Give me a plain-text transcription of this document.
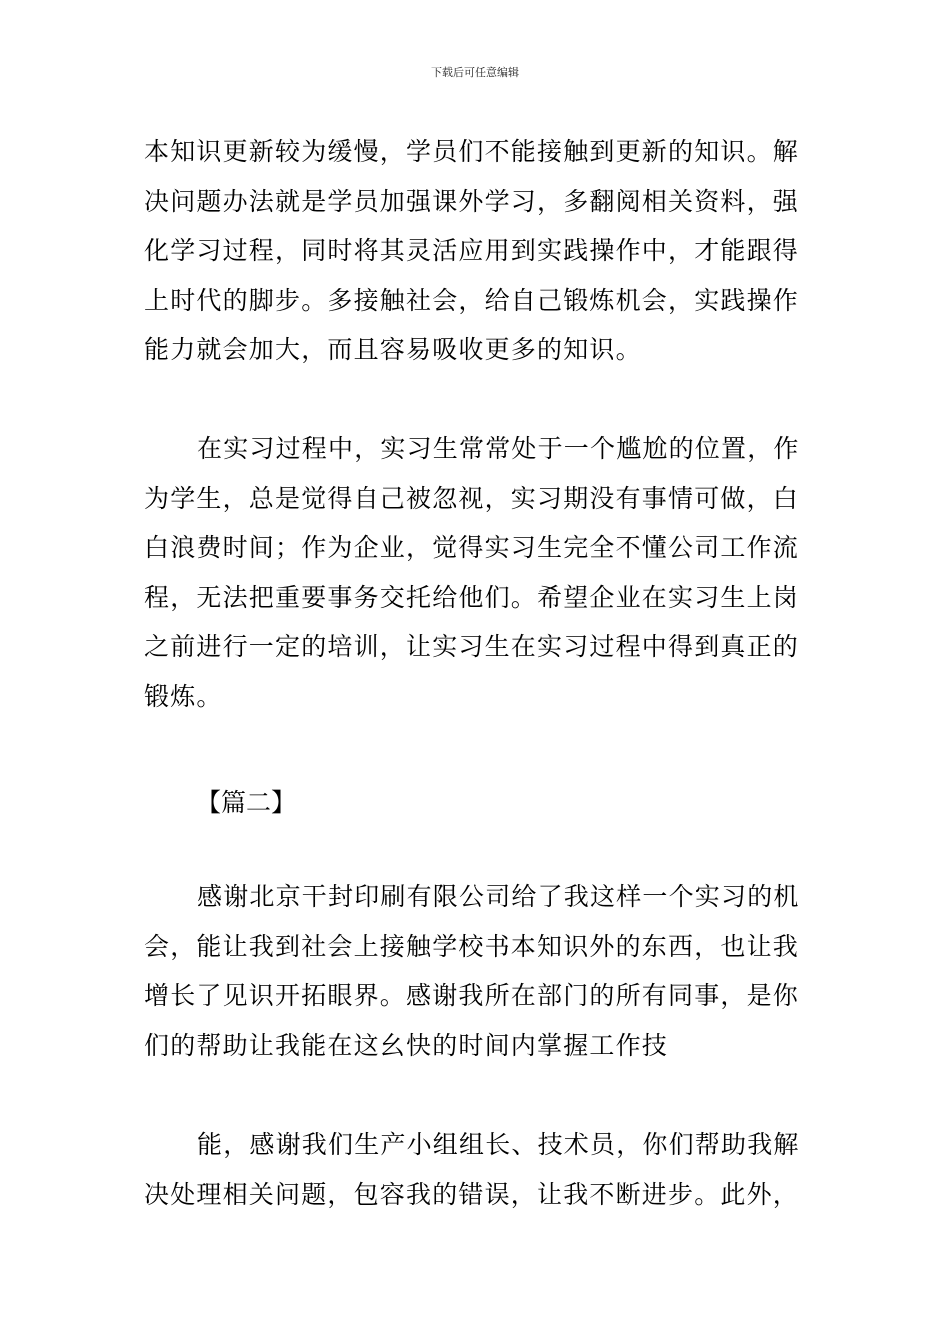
下载后可任意编辑

本知识更新较为缓慢，学员们不能接触到更新的知识。解决问题办法就是学员加强课外学习，多翻阅相关资料，强化学习过程，同时将其灵活应用到实践操作中，才能跟得上时代的脚步。多接触社会，给自己锻炼机会，实践操作能力就会加大，而且容易吸收更多的知识。

在实习过程中，实习生常常处于一个尴尬的位置，作为学生，总是觉得自己被忽视，实习期没有事情可做，白白浪费时间；作为企业，觉得实习生完全不懂公司工作流程，无法把重要事务交托给他们。希望企业在实习生上岗之前进行一定的培训，让实习生在实习过程中得到真正的锻炼。

【篇二】

感谢北京干封印刷有限公司给了我这样一个实习的机会，能让我到社会上接触学校书本知识外的东西，也让我增长了见识开拓眼界。感谢我所在部门的所有同事，是你们的帮助让我能在这幺快的时间内掌握工作技

能，感谢我们生产小组组长、技术员，你们帮助我解决处理相关问题，包容我的错误，让我不断进步。此外，
